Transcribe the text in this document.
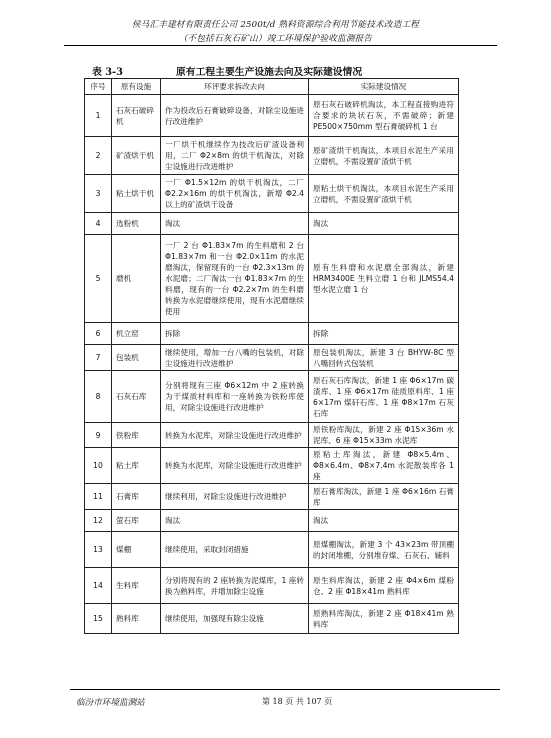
侯马汇丰建材有限责任公司 2500t/d 熟料资源综合利用节能技术改造工程
（不包括石灰石矿山）竣工环境保护验收监测报告
表 3-3	原有工程主要生产设施去向及实际建设情况
序号	原有设施	环评要求拆改去向	实际建设情况
1	石灰石破碎机	作为投改后石膏破碎设备，对除尘设施进行改进维护	原石灰石破碎机淘汰，本工程直接购进符合要求的块状石灰，不需破碎；新建 PE500×750mm 型石膏破碎机 1 台
2	矿渣烘干机	一厂烘干机继续作为技改后矿渣设备利用，二厂 Φ2×8m 的烘干机淘汰，对除尘设施进行改进维护	原矿渣烘干机淘汰，本项目水泥生产采用立磨机，不需设置矿渣烘干机
3	粘土烘干机	一厂 Φ1.5×12m 的烘干机淘汰，二厂 Φ2.2×16m 的烘干机淘汰，新增 Φ2.4 以上的矿渣烘干设备	原粘土烘干机淘汰，本项目水泥生产采用立磨机，不需设置矿渣烘干机
4	选粉机	淘汰	淘汰
5	磨机	一厂 2 台 Φ1.83×7m 的生料磨和 2 台 Φ1.83×7m 和一台 Φ2.0×11m 的水泥磨淘汰，保留现有的一台 Φ2.3×13m 的水泥磨；二厂淘汰一台 Φ1.83×7m 的生料磨，现有的一台 Φ2.2×7m 的生料磨转换为水泥磨继续使用，现有水泥磨继续使用	原有生料磨和水泥磨全部淘汰，新建 HRM3400E 生料立磨 1 台和 JLMS54.4 型水泥立磨 1 台
6	机立窑	拆除	拆除
7	包装机	继续使用，增加一台八嘴的包装机，对除尘设施进行改进维护	原包装机淘汰，新建 3 台 BHYW-8C 型八嘴回转式包装机
8	石灰石库	分别将现有三座 Φ6×12m 中 2 座转换为干煤质材料库和一座转换为铁粉库使用，对除尘设施进行改进维护	原石灰石库淘汰，新建 1 座 Φ6×17m 碳渣库、1 座 Φ6×17m 硅质原料库、1 座 6×17m 煤矸石库、1 座 Φ8×17m 石灰石库
9	铁粉库	转换为水泥库，对除尘设施进行改进维护	原铁粉库淘汰，新建 2 座 Φ15×36m 水泥库、6 座 Φ15×33m 水泥库
10	粘土库	转换为水泥库，对除尘设施进行改进维护	原粘土库淘汰，新建 Φ8×5.4m、Φ8×6.4m、Φ8×7.4m 水泥散装库各 1 座
11	石膏库	继续利用，对除尘设施进行改进维护	原石膏库淘汰，新建 1 座 Φ6×16m 石膏库
12	萤石库	淘汰	淘汰
13	煤棚	继续使用，采取封闭措施	原煤棚淘汰，新建 3 个 43×23m 带顶棚的封闭堆棚，分别堆存煤、石灰石、辅料
14	生料库	分别将现有的 2 座转换为泥煤库，1 座转换为熟料库，并增加除尘设施	原生料库淘汰，新建 2 座 Φ4×6m 煤粉仓、2 座 Φ18×41m 熟料库
15	熟料库	继续使用，加强现有除尘设施	原熟料库淘汰，新建 2 座 Φ18×41m 熟料库
临汾市环境监测站	第 18 页 共 107 页
